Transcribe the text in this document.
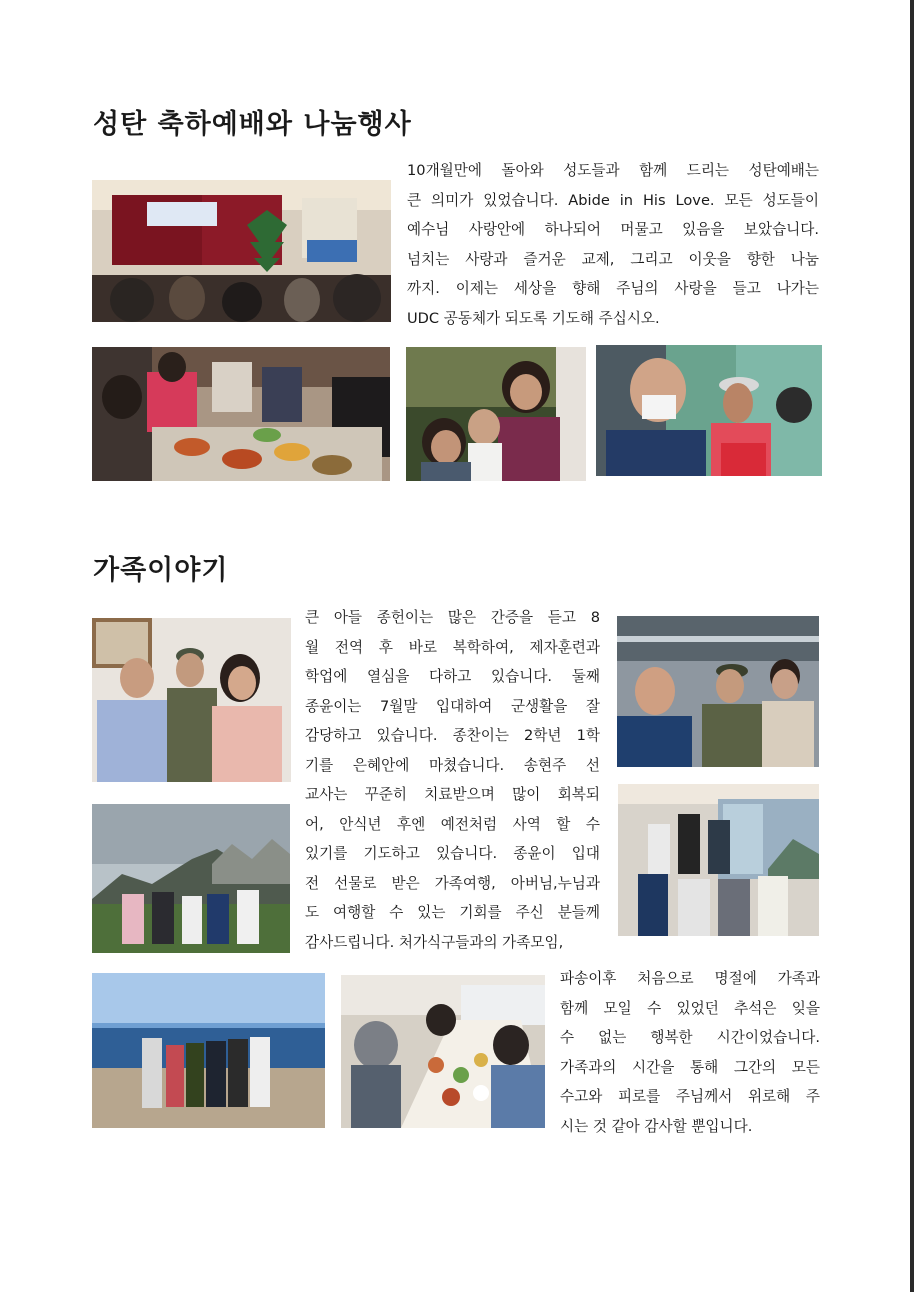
성탄 축하예배와 나눔행사
10개월만에 돌아와 성도들과 함께 드리는 성탄예배는
큰 의미가 있었습니다. Abide in His Love. 모든 성도들이
예수님 사랑안에 하나되어 머물고 있음을 보았습니다.
넘치는 사랑과 즐거운 교제, 그리고 이웃을 향한 나눔
까지. 이제는 세상을 향해 주님의 사랑을 들고 나가는
UDC 공동체가 되도록 기도해 주십시오.
가족이야기
큰 아들 종헌이는 많은 간증을 듣고 8
월 전역 후 바로 복학하여, 제자훈련과
학업에 열심을 다하고 있습니다. 둘째
종윤이는 7월말 입대하여 군생활을 잘
감당하고 있습니다. 종찬이는 2학년 1학
기를 은혜안에 마쳤습니다. 송현주 선
교사는 꾸준히 치료받으며 많이 회복되
어, 안식년 후엔 예전처럼 사역 할 수
있기를 기도하고 있습니다. 종윤이 입대
전 선물로 받은 가족여행, 아버님,누님과
도 여행할 수 있는 기회를 주신 분들께
감사드립니다. 처가식구들과의 가족모임,
파송이후 처음으로 명절에 가족과
함께 모일 수 있었던 추석은 잊을
수 없는 행복한 시간이었습니다.
가족과의 시간을 통해 그간의 모든
수고와 피로를 주님께서 위로해 주
시는 것 같아 감사할 뿐입니다.
